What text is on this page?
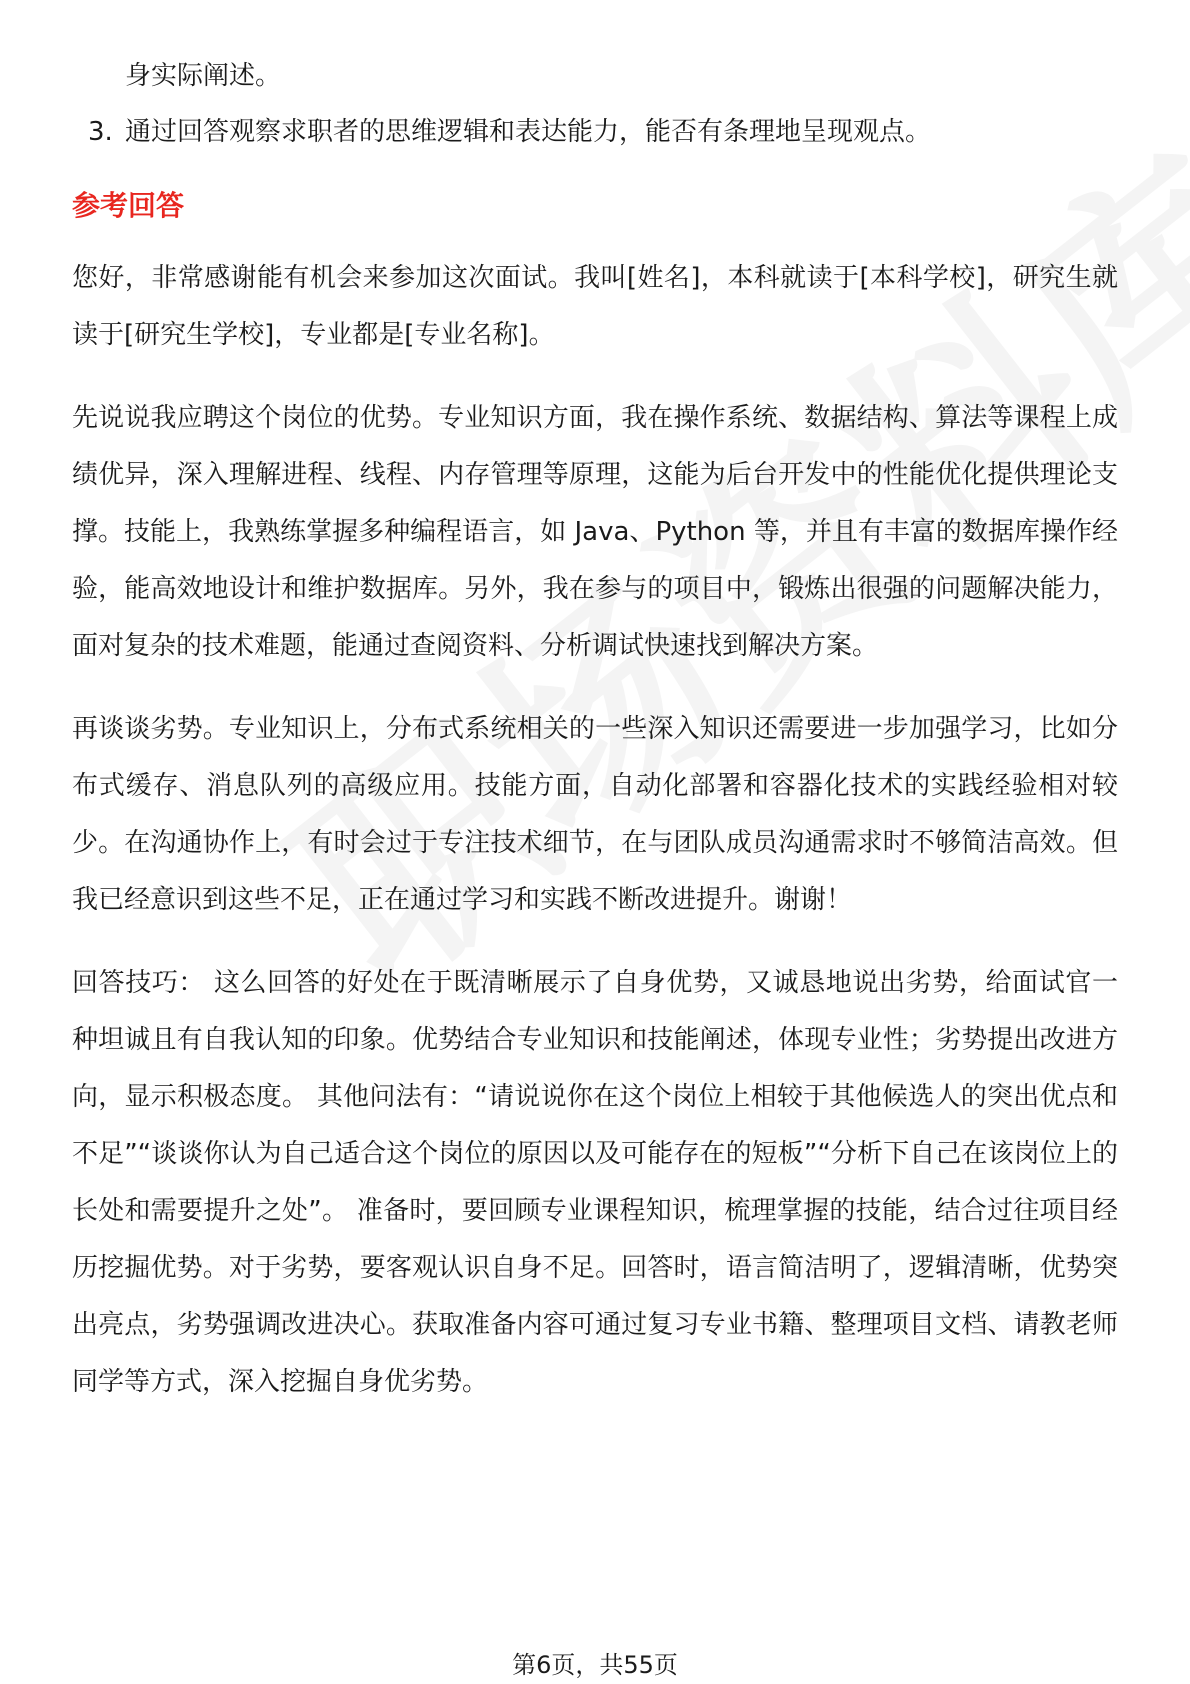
身实际阐述。

3. 通过回答观察求职者的思维逻辑和表达能力，能否有条理地呈现观点。
参考回答

您好，非常感谢能有机会来参加这次面试。我叫[姓名]，本科就读于[本科学校]，研究生就读于[研究生学校]，专业都是[专业名称]。

先说说我应聘这个岗位的优势。专业知识方面，我在操作系统、数据结构、算法等课程上成绩优异，深入理解进程、线程、内存管理等原理，这能为后台开发中的性能优化提供理论支撑。技能上，我熟练掌握多种编程语言，如 Java、Python 等，并且有丰富的数据库操作经验，能高效地设计和维护数据库。另外，我在参与的项目中，锻炼出很强的问题解决能力，面对复杂的技术难题，能通过查阅资料、分析调试快速找到解决方案。

再谈谈劣势。专业知识上，分布式系统相关的一些深入知识还需要进一步加强学习，比如分布式缓存、消息队列的高级应用。技能方面，自动化部署和容器化技术的实践经验相对较少。在沟通协作上，有时会过于专注技术细节，在与团队成员沟通需求时不够简洁高效。但我已经意识到这些不足，正在通过学习和实践不断改进提升。谢谢！

回答技巧： 这么回答的好处在于既清晰展示了自身优势，又诚恳地说出劣势，给面试官一种坦诚且有自我认知的印象。优势结合专业知识和技能阐述，体现专业性；劣势提出改进方向，显示积极态度。 其他问法有：“请说说你在这个岗位上相较于其他候选人的突出优点和不足”“谈谈你认为自己适合这个岗位的原因以及可能存在的短板”“分析下自己在该岗位上的长处和需要提升之处”。 准备时，要回顾专业课程知识，梳理掌握的技能，结合过往项目经历挖掘优势。对于劣势，要客观认识自身不足。回答时，语言简洁明了，逻辑清晰，优势突出亮点，劣势强调改进决心。获取准备内容可通过复习专业书籍、整理项目文档、请教老师同学等方式，深入挖掘自身优劣势。

第6页，共55页
